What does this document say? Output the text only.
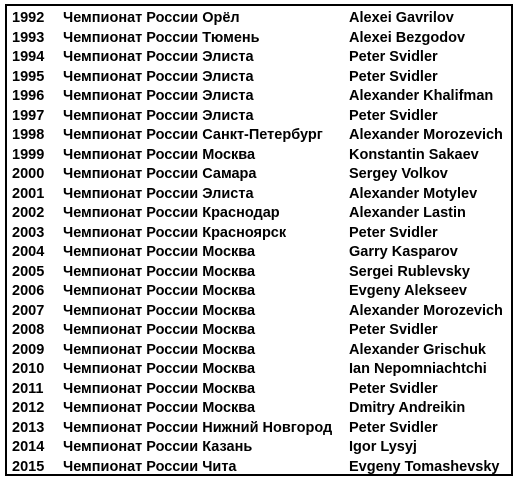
1992 Чемпионат России Орёл	Alexei Gavrilov
1993 Чемпионат России Тюмень	Alexei Bezgodov
1994 Чемпионат России Элиста	Peter Svidler
1995 Чемпионат России Элиста	Peter Svidler
1996 Чемпионат России Элиста	Alexander Khalifman
1997 Чемпионат России Элиста	Peter Svidler
1998 Чемпионат России Санкт-Петербург Alexander Morozevich
1999 Чемпионат России Москва	Konstantin Sakaev
2000 Чемпионат России Самара	Sergey Volkov
2001 Чемпионат России Элиста	Alexander Motylev
2002 Чемпионат России Краснодар	Alexander Lastin
2003 Чемпионат России Красноярск	Peter Svidler
2004 Чемпионат России Москва	Garry Kasparov
2005 Чемпионат России Москва	Sergei Rublevsky
2006 Чемпионат России Москва	Evgeny Alekseev
2007 Чемпионат России Москва	Alexander Morozevich
2008 Чемпионат России Москва	Peter Svidler
2009 Чемпионат России Москва	Alexander Grischuk
2010 Чемпионат России Москва	Ian Nepomniachtchi
2011 Чемпионат России Москва	Peter Svidler
2012 Чемпионат России Москва	Dmitry Andreikin
2013 Чемпионат России Нижний Новгород Peter Svidler
2014 Чемпионат России Казань	Igor Lysyj
2015 Чемпионат России Чита	Evgeny Tomashevsky
